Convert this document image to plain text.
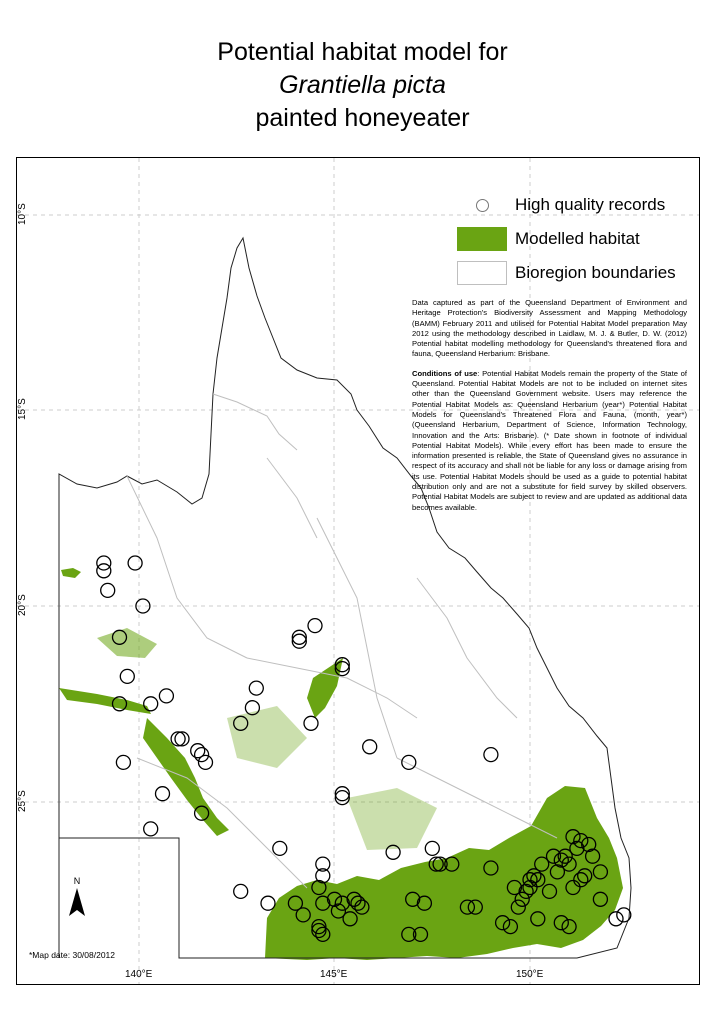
Potential habitat model for
Grantiella picta
painted honeyeater
10°S
15°S
20°S
25°S
140°E	145°E	150°E
High quality records
Modelled habitat
Bioregion boundaries

Data captured as part of the Queensland Department of Environment and Heritage Protection's Biodiversity Assessment and Mapping Methodology (BAMM) February 2011 and utilised for Potential Habitat Model preparation May 2012 using the methodology described in Laidlaw, M. J. & Butler, D. W. (2012) Potential habitat modelling methodology for Queensland's threatened flora and fauna, Queensland Herbarium: Brisbane.

Conditions of use: Potential Habitat Models remain the property of the State of Queensland. Potential Habitat Models are not to be included on internet sites other than the Queensland Government website. Users may reference the Potential Habitat Models as: Queensland Herbarium (year*) Potential Habitat Models for Queensland's Threatened Flora and Fauna, (month, year*) (Queensland Herbarium, Department of Science, Information Technology, Innovation and the Arts: Brisbane). (* Date shown in footnote of individual Potential Habitat Models). While every effort has been made to ensure the information presented is reliable, the State of Queensland gives no assurance in respect of its accuracy and shall not be liable for any loss or damage arising from its use. Potential Habitat Models should be used as a guide to potential habitat distribution only and are not a substitute for field survey by skilled observers. Potential Habitat Models are subject to review and are updated as additional data becomes available.

N
*Map date: 30/08/2012
